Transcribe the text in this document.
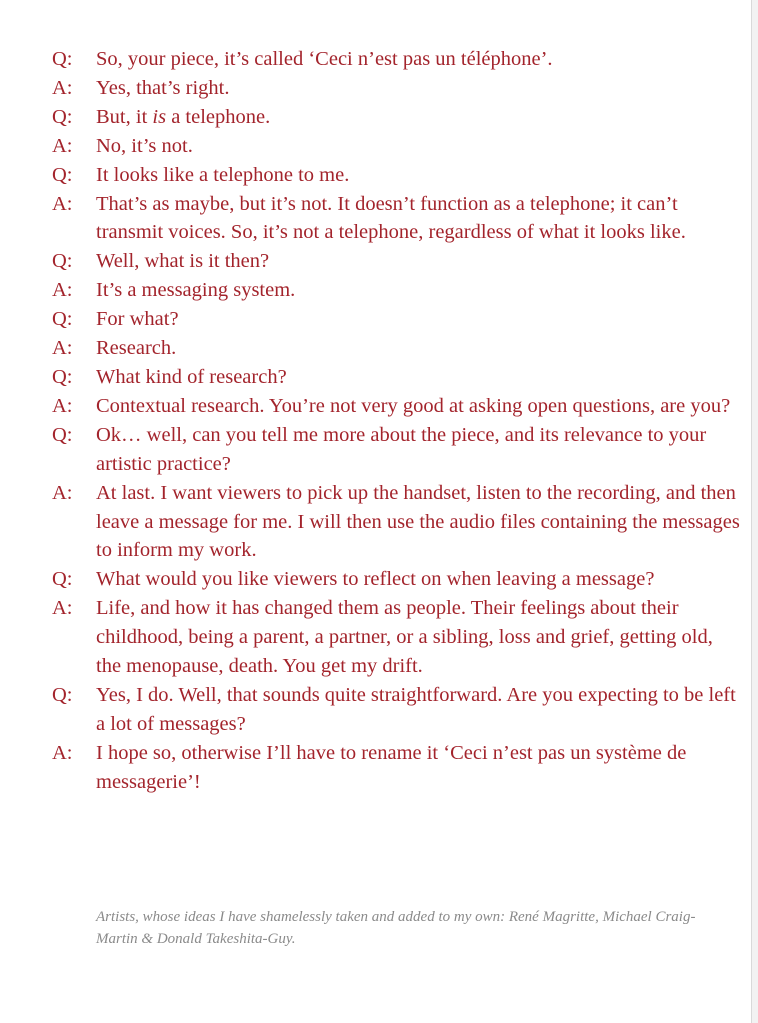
Q:	So, your piece, it’s called ‘Ceci n’est pas un téléphone’.
A:	Yes, that’s right.
Q:	But, it is a telephone.
A:	No, it’s not.
Q:	It looks like a telephone to me.
A:	That’s as maybe, but it’s not. It doesn’t function as a telephone; it can’t transmit voices. So, it’s not a telephone, regardless of what it looks like.
Q:	Well, what is it then?
A:	It’s a messaging system.
Q:	For what?
A:	Research.
Q:	What kind of research?
A:	Contextual research. You’re not very good at asking open questions, are you?
Q:	Ok… well, can you tell me more about the piece, and its relevance to your artistic practice?
A:	At last. I want viewers to pick up the handset, listen to the recording, and then leave a message for me. I will then use the audio files containing the messages to inform my work.
Q:	What would you like viewers to reflect on when leaving a message?
A:	Life, and how it has changed them as people. Their feelings about their childhood, being a parent, a partner, or a sibling, loss and grief, getting old, the menopause, death. You get my drift.
Q:	Yes, I do. Well, that sounds quite straightforward. Are you expecting to be left a lot of messages?
A:	I hope so, otherwise I’ll have to rename it ‘Ceci n’est pas un système de messagerie’!
Artists, whose ideas I have shamelessly taken and added to my own: René Magritte, Michael Craig-Martin & Donald Takeshita-Guy.
